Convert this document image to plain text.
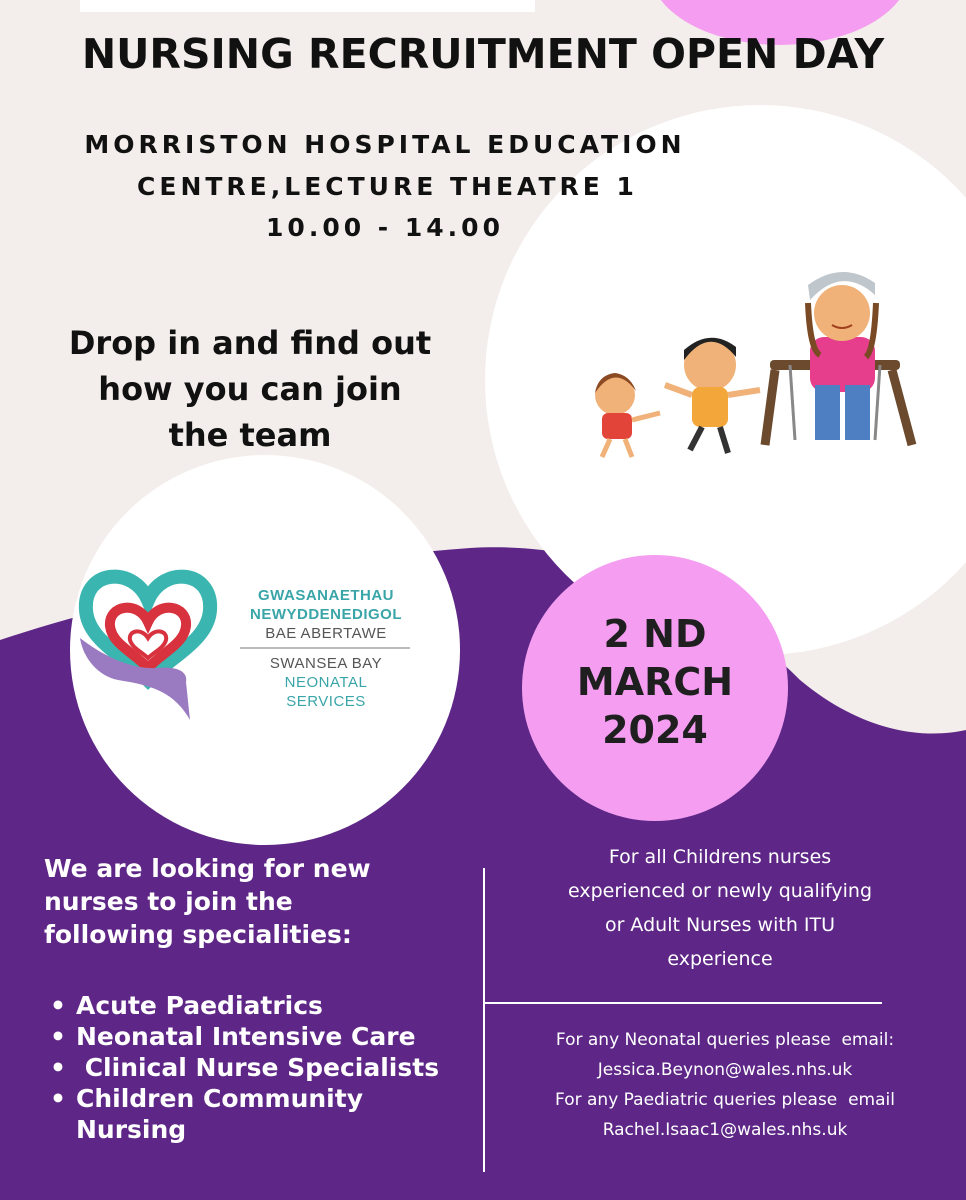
NURSING RECRUITMENT OPEN DAY
MORRISTON HOSPITAL EDUCATION
CENTRE,LECTURE THEATRE 1
10.00 - 14.00
Drop in and find out
how you can join
the team
GWASANAETHAU
NEWYDDENEDIGOL
BAE ABERTAWE
SWANSEA BAY
NEONATAL
SERVICES
2 ND
MARCH
2024
We are looking for new
nurses to join the
following specialities:
• Acute Paediatrics
• Neonatal Intensive Care
• Clinical Nurse Specialists
• Children Community
Nursing
For all Childrens nurses
experienced or newly qualifying
or Adult Nurses with ITU
experience
For any Neonatal queries please  email:
Jessica.Beynon@wales.nhs.uk
For any Paediatric queries please  email
Rachel.Isaac1@wales.nhs.uk
